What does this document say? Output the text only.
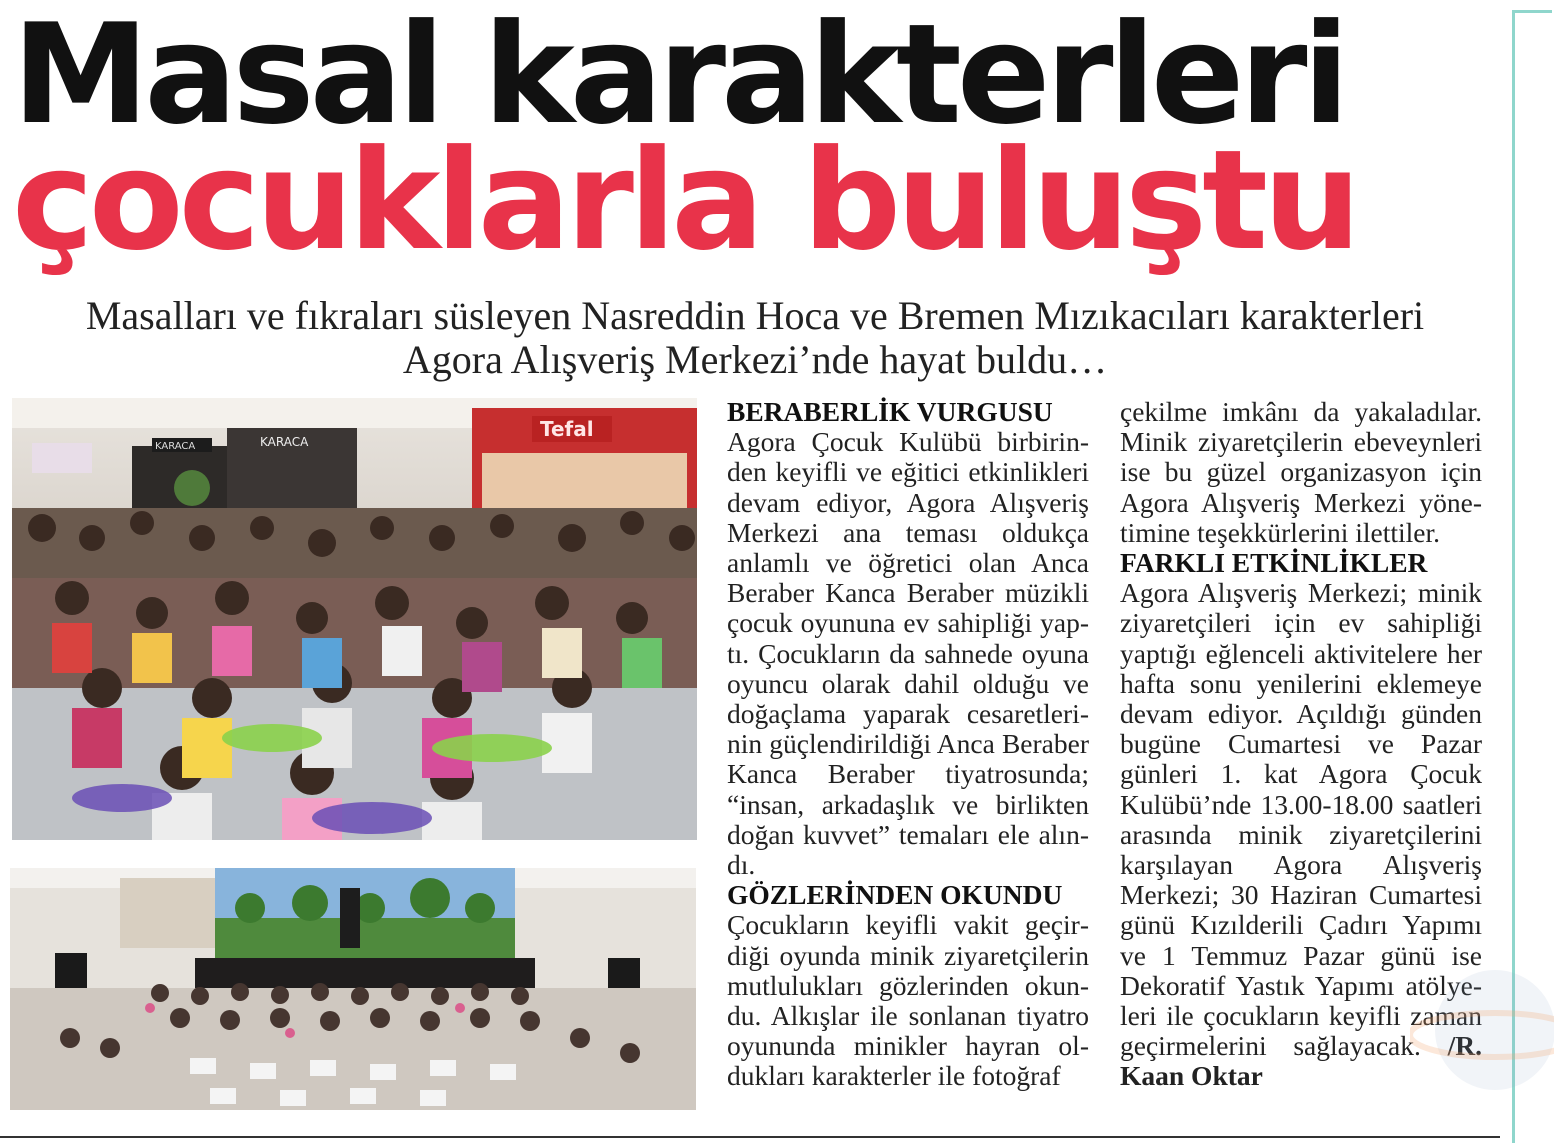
Masal karakterleri
çocuklarla buluştu
Masalları ve fıkraları süsleyen Nasreddin Hoca ve Bremen Mızıkacıları karakterleri
Agora Alışveriş Merkezi’nde hayat buldu…
KARACA
KARACA
Tefal

BERABERLİK VURGUSU

Agora Çocuk Kulübü birbirinden keyifli ve eğitici etkinlikleri devam ediyor, Agora Alışveriş Merkezi ana teması oldukça anlamlı ve öğretici olan Anca Beraber Kanca Beraber müzikli çocuk oyununa ev sahipliği yaptı. Çocukların da sahnede oyuna oyuncu olarak dahil olduğu ve doğaçlama yaparak cesaretlerinin güçlendirildiği Anca Beraber Kanca Beraber tiyatrosunda; “insan, arkadaşlık ve birlikten doğan kuvvet” temaları ele alındı.

GÖZLERİNDEN OKUNDU

Çocukların keyifli vakit geçirdiği oyunda minik ziyaretçilerin mutlulukları gözlerinden okundu. Alkışlar ile sonlanan tiyatro oyununda minikler hayran oldukları karakterler ile fotoğraf

çekilme imkânı da yakaladılar. Minik ziyaretçilerin ebeveynleri ise bu güzel organizasyon için Agora Alışveriş Merkezi yönetimine teşekkürlerini ilettiler.

FARKLI ETKİNLİKLER

Agora Alışveriş Merkezi; minik ziyaretçileri için ev sahipliği yaptığı eğlenceli aktivitelere her hafta sonu yenilerini eklemeye devam ediyor. Açıldığı günden bugüne Cumartesi ve Pazar günleri 1. kat Agora Çocuk Kulübü’nde 13.00-18.00 saatleri arasında minik ziyaretçilerini karşılayan Agora Alışveriş Merkezi; 30 Haziran Cumartesi günü Kızılderili Çadırı Yapımı ve 1 Temmuz Pazar günü ise Dekoratif Yastık Yapımı atölyeleri ile çocukların keyifli zaman geçirmelerini sağlayacak. /R. Kaan Oktar
